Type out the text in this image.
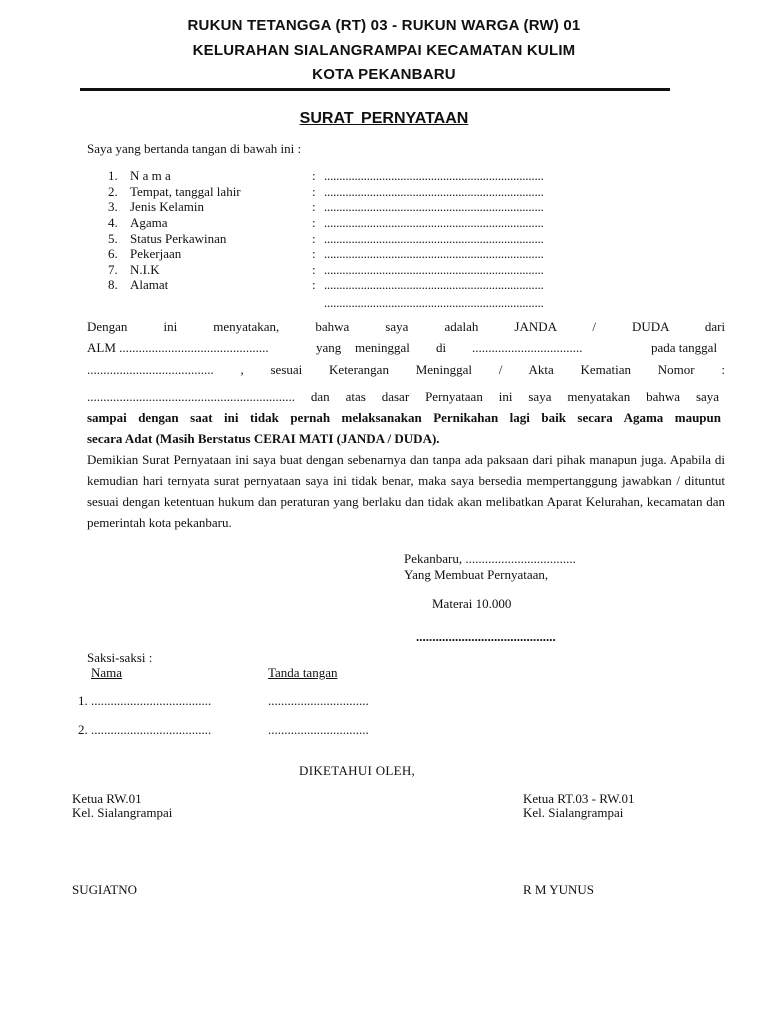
RUKUN TETANGGA (RT) 03 - RUKUN WARGA (RW) 01
KELURAHAN SIALANGRAMPAI KECAMATAN KULIM
KOTA PEKANBARU
SURAT PERNYATAAN
Saya yang bertanda tangan di bawah ini :
1. N a m a	: ........................................................................
2. Tempat, tanggal lahir	: ........................................................................
3. Jenis Kelamin	: ........................................................................
4. Agama	: ........................................................................
5. Status Perkawinan	: ........................................................................
6. Pekerjaan	: ........................................................................
7. N.I.K	: ........................................................................
8. Alamat	: ........................................................................
........................................................................
Dengan	ini	menyatakan,	bahwa	saya	adalah	JANDA	/	DUDA	dari
ALM ..............................................	yang meninggal di ..................................	pada tanggal
....................................... , sesuai Keterangan Meninggal / Akta Kematian Nomor :
................................................................ dan atas dasar Pernyataan ini saya menyatakan bahwa saya
sampai dengan saat ini tidak pernah melaksanakan Pernikahan lagi baik secara Agama maupun
secara Adat (Masih Berstatus CERAI MATI (JANDA / DUDA).
Demikian Surat Pernyataan ini saya buat dengan sebenarnya dan tanpa ada paksaan dari pihak manapun juga. Apabila di kemudian hari ternyata surat pernyataan saya ini tidak benar, maka saya bersedia mempertanggung jawabkan / dituntut sesuai dengan ketentuan hukum dan peraturan yang berlaku dan tidak akan melibatkan Aparat Kelurahan, kecamatan dan pemerintah kota pekanbaru.
Pekanbaru, ..................................
Yang Membuat Pernyataan,
Materai 10.000
...........................................
Saksi-saksi :
Nama	Tanda tangan
1. .....................................	...............................
2. .....................................	...............................
DIKETAHUI OLEH,
Ketua RW.01
Kel. Sialangrampai
SUGIATNO
Ketua RT.03 - RW.01
Kel. Sialangrampai
R M YUNUS
